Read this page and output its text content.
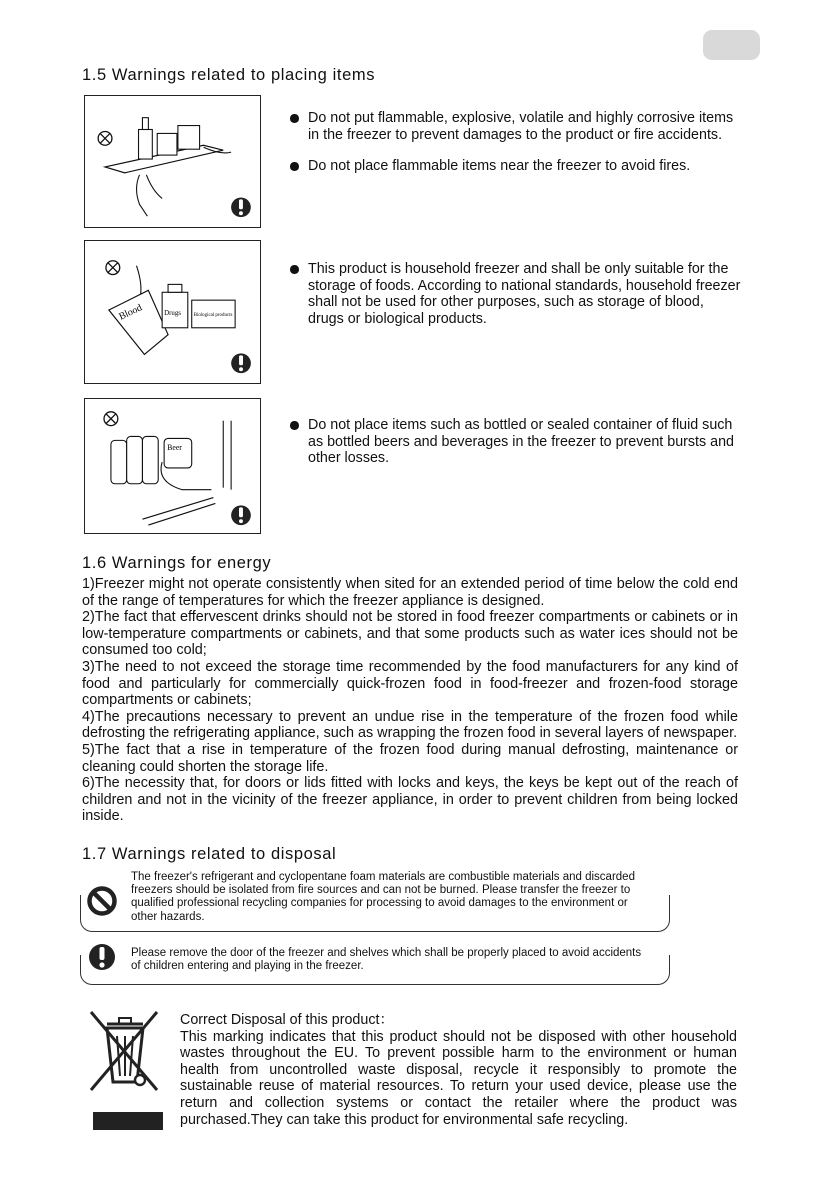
1.5 Warnings related to placing items
Do not put flammable, explosive, volatile and highly corrosive items in the freezer to prevent damages to the product or fire accidents.
Do not place flammable items near the freezer to avoid fires.
Blood	Drugs	Biological products
This product is household freezer and shall be only suitable for the storage of foods. According to national standards, household freezer shall not be used for other purposes, such as storage of blood, drugs or biological products.
Beer
Do not place items such as bottled or sealed container of fluid such as bottled beers and beverages in the freezer to prevent bursts and other losses.
1.6 Warnings for energy

1)Freezer might not operate consistently when sited for an extended period of time below the cold end of the range of temperatures for which the freezer appliance is designed.

2)The fact that effervescent drinks should not be stored in food freezer compartments or cabinets or in low-temperature compartments or cabinets, and that some products such as water ices should not be consumed too cold;

3)The need to not exceed the storage time recommended by the food manufacturers for any kind of food and particularly for commercially quick-frozen food in food-freezer and frozen-food storage compartments or cabinets;

4)The precautions necessary to prevent an undue rise in the temperature of the frozen food while defrosting the refrigerating appliance, such as wrapping the frozen food in several layers of newspaper.

5)The fact that a rise in temperature of the frozen food during manual defrosting, maintenance or cleaning could shorten the storage life.

6)The necessity that, for doors or lids fitted with locks and keys, the keys be kept out of the reach of children and not in the vicinity of the freezer appliance, in order to prevent children from being locked inside.

1.7 Warnings related to disposal
The freezer's refrigerant and cyclopentane foam materials are combustible materials and discarded freezers should be isolated from fire sources and can not be burned. Please transfer the freezer to qualified professional recycling companies for processing to avoid damages to the environment or other hazards.
Please remove the door of the freezer and shelves which shall be properly placed to avoid accidents of children entering and playing in the freezer.
Correct Disposal of this product：
This marking indicates that this product should not be disposed with other household wastes throughout the EU. To prevent possible harm to the environment or human health from uncontrolled waste disposal, recycle it responsibly to promote the sustainable reuse of material resources. To return your used device, please use the return and collection systems or contact the retailer where the product was purchased.They can take this product for environmental safe recycling.
